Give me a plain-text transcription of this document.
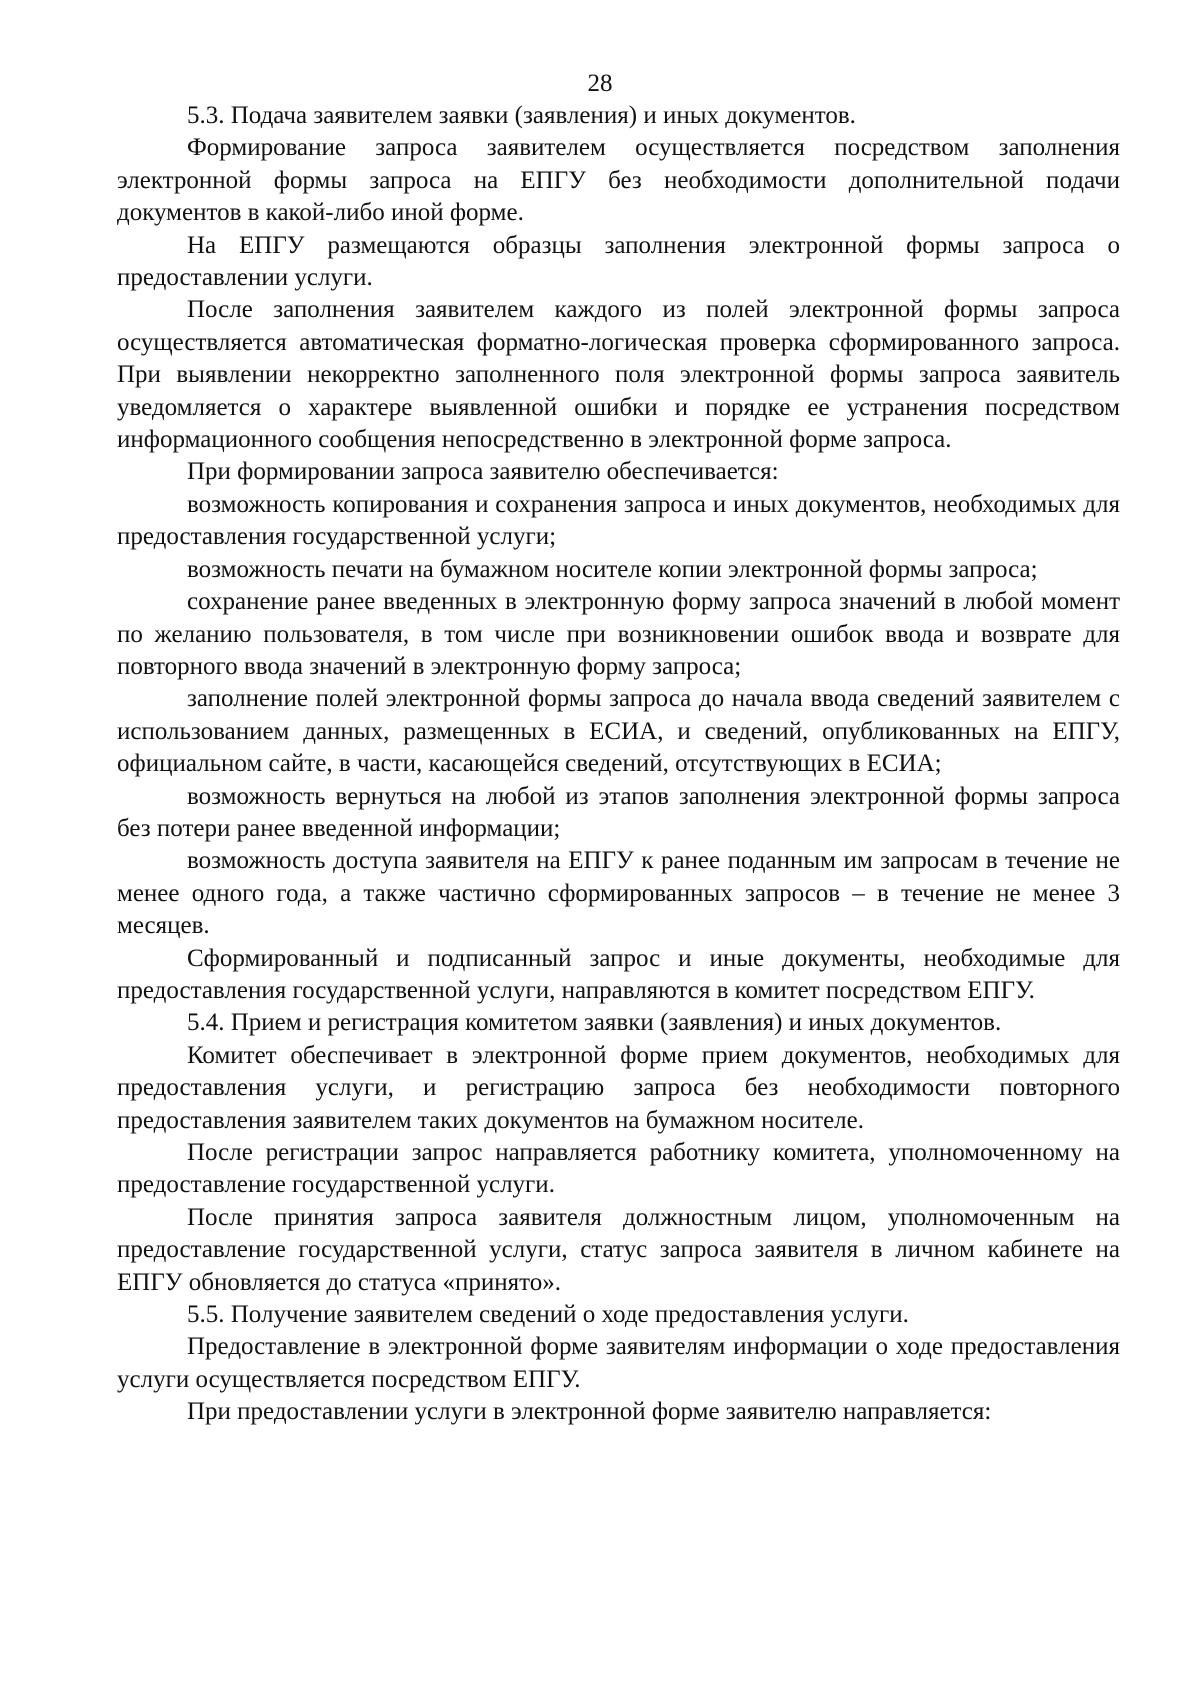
28

5.3. Подача заявителем заявки (заявления) и иных документов.

Формирование запроса заявителем осуществляется посредством заполнения электронной формы запроса на ЕПГУ без необходимости дополнительной подачи документов в какой-либо иной форме.

На ЕПГУ размещаются образцы заполнения электронной формы запроса о предоставлении услуги.

После заполнения заявителем каждого из полей электронной формы запроса осуществляется автоматическая форматно-логическая проверка сформированного запроса. При выявлении некорректно заполненного поля электронной формы запроса заявитель уведомляется о характере выявленной ошибки и порядке ее устранения посредством информационного сообщения непосредственно в электронной форме запроса.

При формировании запроса заявителю обеспечивается:

возможность копирования и сохранения запроса и иных документов, необходимых для предоставления государственной услуги;

возможность печати на бумажном носителе копии электронной формы запроса;

сохранение ранее введенных в электронную форму запроса значений в любой момент по желанию пользователя, в том числе при возникновении ошибок ввода и возврате для повторного ввода значений в электронную форму запроса;

заполнение полей электронной формы запроса до начала ввода сведений заявителем с использованием данных, размещенных в ЕСИА, и сведений, опубликованных на ЕПГУ, официальном сайте, в части, касающейся сведений, отсутствующих в ЕСИА;

возможность вернуться на любой из этапов заполнения электронной формы запроса без потери ранее введенной информации;

возможность доступа заявителя на ЕПГУ к ранее поданным им запросам в течение не менее одного года, а также частично сформированных запросов – в течение не менее 3 месяцев.

Сформированный и подписанный запрос и иные документы, необходимые для предоставления государственной услуги, направляются в комитет посредством ЕПГУ.

5.4. Прием и регистрация комитетом заявки (заявления) и иных документов.

Комитет обеспечивает в электронной форме прием документов, необходимых для предоставления услуги, и регистрацию запроса без необходимости повторного предоставления заявителем таких документов на бумажном носителе.

После регистрации запрос направляется работнику комитета, уполномоченному на предоставление государственной услуги.

После принятия запроса заявителя должностным лицом, уполномоченным на предоставление государственной услуги, статус запроса заявителя в личном кабинете на ЕПГУ обновляется до статуса «принято».

5.5. Получение заявителем сведений о ходе предоставления услуги.

Предоставление в электронной форме заявителям информации о ходе предоставления услуги осуществляется посредством ЕПГУ.

При предоставлении услуги в электронной форме заявителю направляется:
